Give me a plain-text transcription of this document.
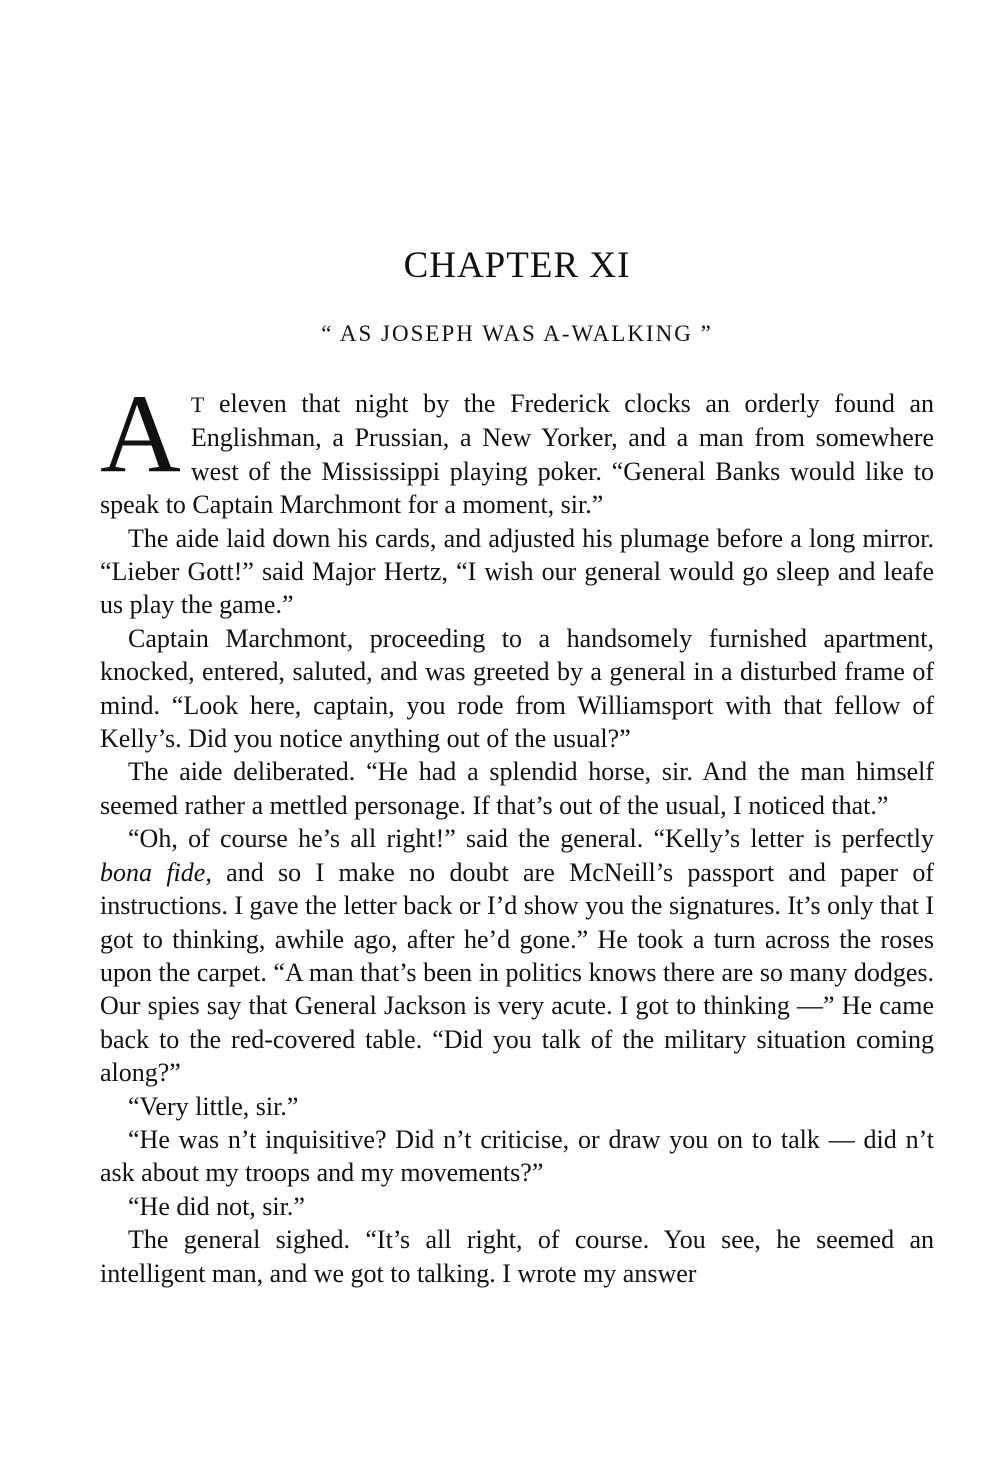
CHAPTER XI
“ AS JOSEPH WAS A-WALKING ”

A T eleven that night by the Frederick clocks an orderly found an Englishman, a Prussian, a New Yorker, and a man from somewhere west of the Mississippi playing poker. “General Banks would like to speak to Captain Marchmont for a moment, sir.”

The aide laid down his cards, and adjusted his plumage before a long mirror. “Lieber Gott!” said Major Hertz, “I wish our general would go sleep and leafe us play the game.”

Captain Marchmont, proceeding to a handsomely furnished apartment, knocked, entered, saluted, and was greeted by a general in a disturbed frame of mind. “Look here, captain, you rode from Williamsport with that fellow of Kelly’s. Did you notice anything out of the usual?”

The aide deliberated. “He had a splendid horse, sir. And the man himself seemed rather a mettled personage. If that’s out of the usual, I noticed that.”

“Oh, of course he’s all right!” said the general. “Kelly’s letter is perfectly bona fide, and so I make no doubt are McNeill’s passport and paper of instructions. I gave the letter back or I’d show you the signatures. It’s only that I got to thinking, awhile ago, after he’d gone.” He took a turn across the roses upon the carpet. “A man that’s been in politics knows there are so many dodges. Our spies say that General Jackson is very acute. I got to thinking —” He came back to the red-covered table. “Did you talk of the military situation coming along?”

“Very little, sir.”

“He was n’t inquisitive? Did n’t criticise, or draw you on to talk — did n’t ask about my troops and my movements?”

“He did not, sir.”

The general sighed. “It’s all right, of course. You see, he seemed an intelligent man, and we got to talking. I wrote my answer
